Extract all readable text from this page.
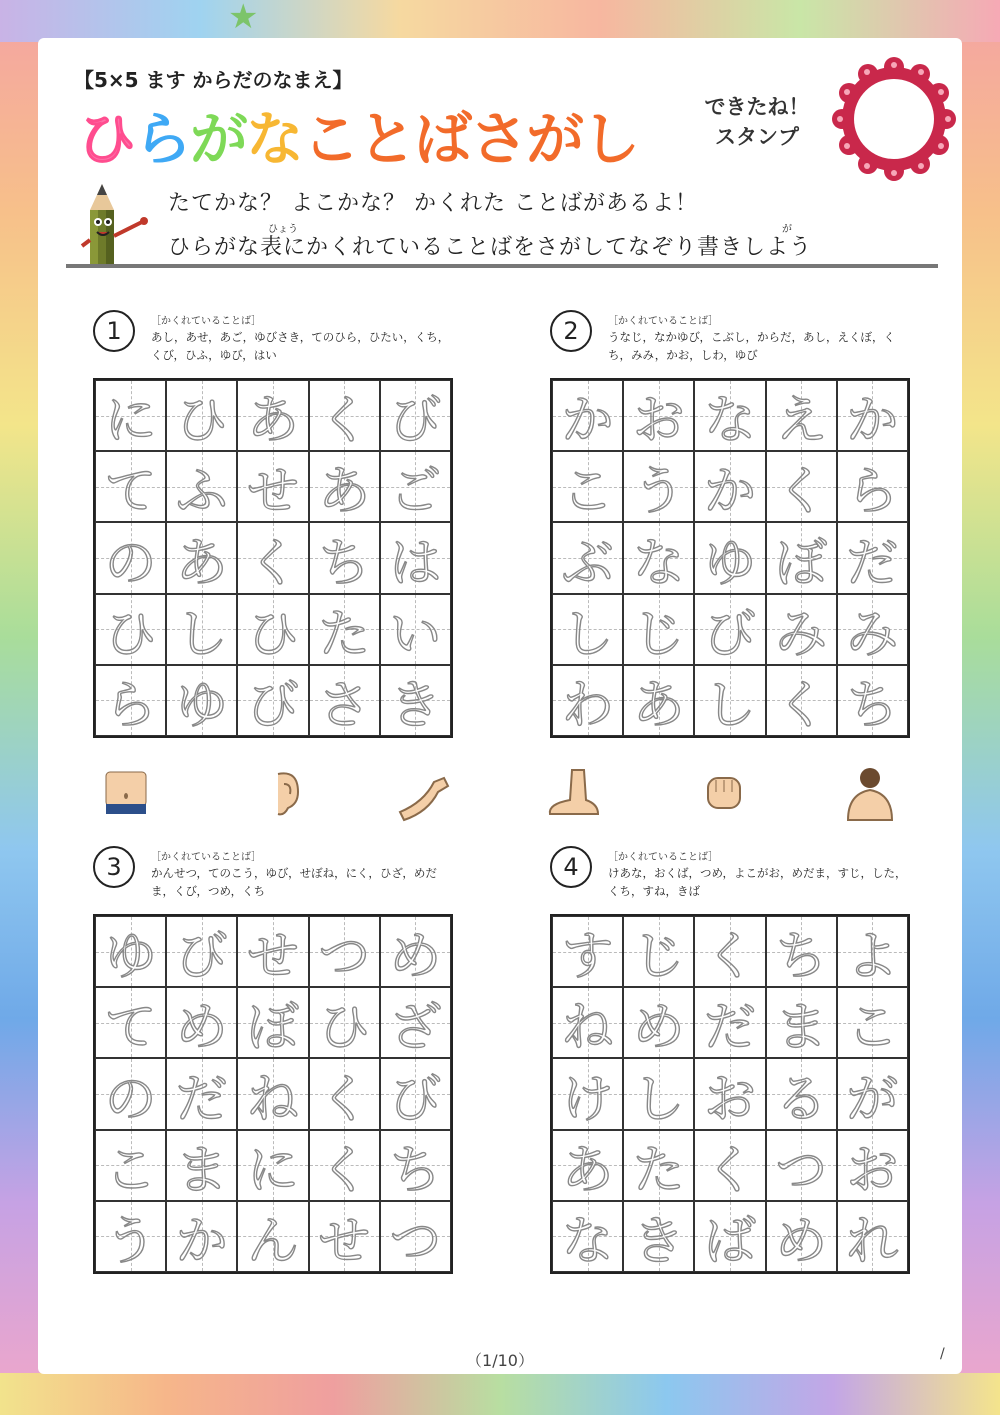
★
【5×5 ます からだのなまえ】
ひらがなことばさがし	できたね！
スタンプ
たてかな？ よこかな？ かくれた ことばがあるよ！
ひょう	が
ひらがな表にかくれていることばをさがしてなぞり書きしよう
1	［かくれていることば］
あし，あせ，あご，ゆびさき，てのひら，ひたい，くち，くび，ひふ，ゆび，はい
に ひ あ く び
て ふ せ あ ご
の あ く ち は
ひ し ひ た い
ら ゆ び さ き
2	［かくれていることば］
うなじ，なかゆび，こぶし，からだ，あし，えくぼ，くち，みみ，かお，しわ，ゆび
か お な え か
こ う か く ら
ぶ な ゆ ぼ だ
し じ び み み
わ あ し く ち
3	［かくれていることば］
かんせつ，てのこう，ゆび，せぼね，にく，ひざ，めだま，くび，つめ，くち
ゆ び せ つ め
て め ぼ ひ ざ
の だ ね く び
こ ま に く ち
う か ん せ つ
4	［かくれていることば］
けあな，おくば，つめ，よこがお，めだま，すじ，した，くち，すね，きば
す じ く ち よ
ね め だ ま こ
け し お る が
あ た く つ お
な き ば め れ
（1/10）	/
